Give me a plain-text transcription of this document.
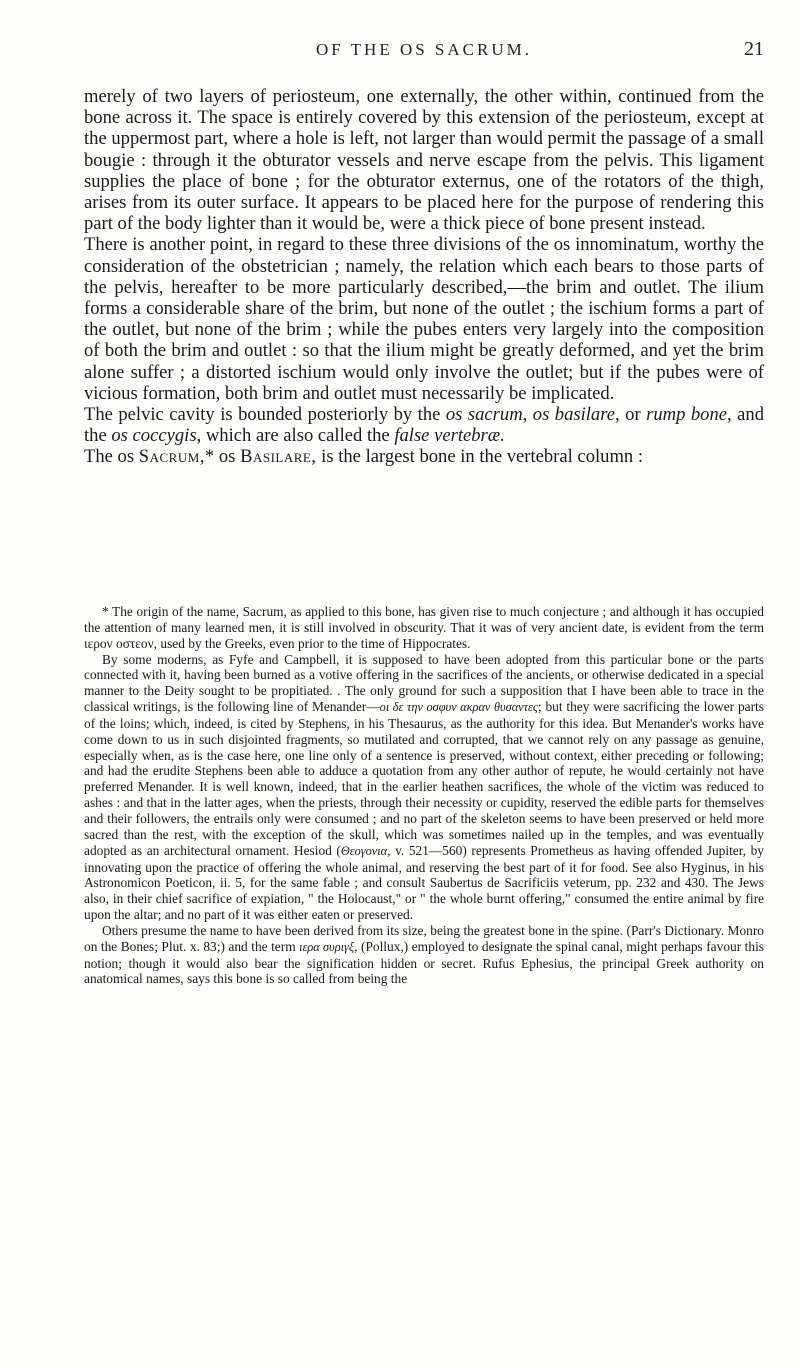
OF THE OS SACRUM.	21

merely of two layers of periosteum, one externally, the other within, continued from the bone across it. The space is entirely covered by this extension of the periosteum, except at the uppermost part, where a hole is left, not larger than would permit the passage of a small bougie : through it the obturator vessels and nerve escape from the pelvis. This ligament supplies the place of bone ; for the obturator externus, one of the rotators of the thigh, arises from its outer surface. It appears to be placed here for the purpose of rendering this part of the body lighter than it would be, were a thick piece of bone present instead.

There is another point, in regard to these three divisions of the os innominatum, worthy the consideration of the obstetrician ; namely, the relation which each bears to those parts of the pelvis, hereafter to be more particularly described,—the brim and outlet. The ilium forms a considerable share of the brim, but none of the outlet ; the ischium forms a part of the outlet, but none of the brim ; while the pubes enters very largely into the composition of both the brim and outlet : so that the ilium might be greatly deformed, and yet the brim alone suffer ; a distorted ischium would only involve the outlet; but if the pubes were of vicious formation, both brim and outlet must necessarily be implicated.

The pelvic cavity is bounded posteriorly by the os sacrum, os basilare, or rump bone, and the os coccygis, which are also called the false vertebræ.

The os Sacrum,* os Basilare, is the largest bone in the vertebral column :

* The origin of the name, Sacrum, as applied to this bone, has given rise to much conjecture ; and although it has occupied the attention of many learned men, it is still involved in obscurity. That it was of very ancient date, is evident from the term ιερον οστεον, used by the Greeks, even prior to the time of Hippocrates.

By some moderns, as Fyfe and Campbell, it is supposed to have been adopted from this particular bone or the parts connected with it, having been burned as a votive offering in the sacrifices of the ancients, or otherwise dedicated in a special manner to the Deity sought to be propitiated. . The only ground for such a supposition that I have been able to trace in the classical writings, is the following line of Menander—οι δε την οσφυν ακραν θυσαντες; but they were sacrificing the lower parts of the loins; which, indeed, is cited by Stephens, in his Thesaurus, as the authority for this idea. But Menander's works have come down to us in such disjointed fragments, so mutilated and corrupted, that we cannot rely on any passage as genuine, especially when, as is the case here, one line only of a sentence is preserved, without context, either preceding or following; and had the erudite Stephens been able to adduce a quotation from any other author of repute, he would certainly not have preferred Menander. It is well known, indeed, that in the earlier heathen sacrifices, the whole of the victim was reduced to ashes : and that in the latter ages, when the priests, through their necessity or cupidity, reserved the edible parts for themselves and their followers, the entrails only were consumed ; and no part of the skeleton seems to have been preserved or held more sacred than the rest, with the exception of the skull, which was sometimes nailed up in the temples, and was eventually adopted as an architectural ornament. Hesiod (Θεογονια, v. 521—560) represents Prometheus as having offended Jupiter, by innovating upon the practice of offering the whole animal, and reserving the best part of it for food. See also Hyginus, in his Astronomicon Poeticon, ii. 5, for the same fable ; and consult Saubertus de Sacrificiis veterum, pp. 232 and 430. The Jews also, in their chief sacrifice of expiation, " the Holocaust," or " the whole burnt offering," consumed the entire animal by fire upon the altar; and no part of it was either eaten or preserved.

Others presume the name to have been derived from its size, being the greatest bone in the spine. (Parr's Dictionary. Monro on the Bones; Plut. x. 83;) and the term ιερα συριγξ, (Pollux,) employed to designate the spinal canal, might perhaps favour this notion; though it would also bear the signification hidden or secret. Rufus Ephesius, the principal Greek authority on anatomical names, says this bone is so called from being the
